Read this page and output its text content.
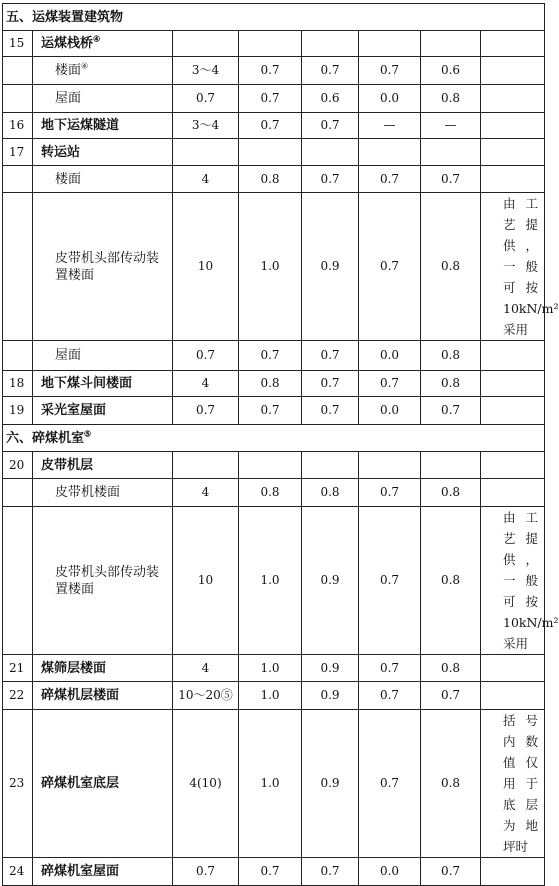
五、运煤装置建筑物							
15	运煤栈桥④						
	楼面④	3～4	0.7	0.7	0.7	0.6	
	屋面	0.7	0.7	0.6	0.0	0.8	
16	地下运煤隧道	3～4	0.7	0.7	—	—	
17	转运站						
	楼面	4	0.8	0.7	0.7	0.7	
	皮带机头部传动装置楼面	10	1.0	0.9	0.7	0.8	由工艺提供，一般可按 10kN/m² 采用
	屋面	0.7	0.7	0.7	0.0	0.8	
18	地下煤斗间楼面	4	0.8	0.7	0.7	0.8	
19	采光室屋面	0.7	0.7	0.7	0.0	0.7	
六、碎煤机室⑤
20	皮带机层						
	皮带机楼面	4	0.8	0.8	0.7	0.8	
	皮带机头部传动装置楼面	10	1.0	0.9	0.7	0.8	由工艺提供，一般可按 10kN/m² 采用
21	煤筛层楼面	4	1.0	0.9	0.7	0.8	
22	碎煤机层楼面	10～20⑤	1.0	0.9	0.7	0.7	
23	碎煤机室底层	4(10)	1.0	0.9	0.7	0.8	括号内数值仅用于底层为地坪时
24	碎煤机室屋面	0.7	0.7	0.7	0.0	0.7	
